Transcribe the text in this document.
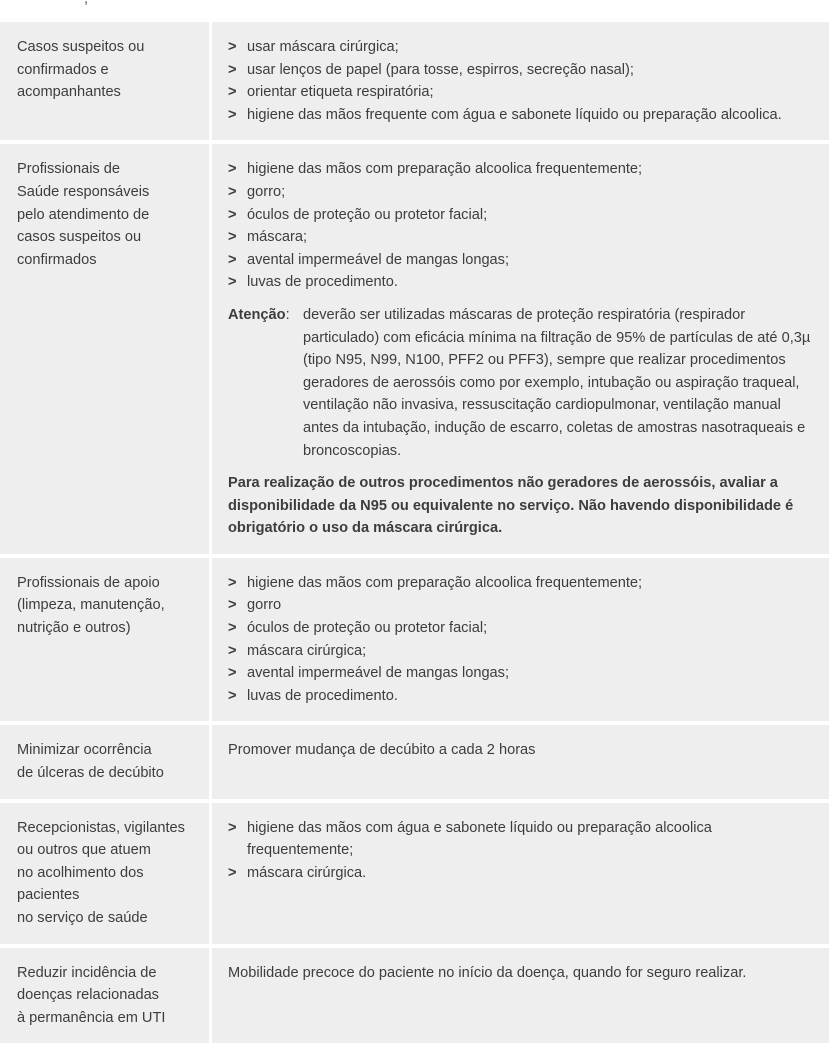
Casos suspeitos ou
confirmados e
acompanhantes
> usar máscara cirúrgica;
> usar lenços de papel (para tosse, espirros, secreção nasal);
> orientar etiqueta respiratória;
> higiene das mãos frequente com água e sabonete líquido ou preparação alcoolica.
Profissionais de
Saúde responsáveis
pelo atendimento de
casos suspeitos ou
confirmados
> higiene das mãos com preparação alcoolica frequentemente;
> gorro;
> óculos de proteção ou protetor facial;
> máscara;
> avental impermeável de mangas longas;
> luvas de procedimento.
Atenção: deverão ser utilizadas máscaras de proteção respiratória (respirador particulado) com eficácia mínima na filtração de 95% de partículas de até 0,3µ (tipo N95, N99, N100, PFF2 ou PFF3), sempre que realizar procedimentos geradores de aerossóis como por exemplo, intubação ou aspiração traqueal, ventilação não invasiva, ressuscitação cardiopulmonar, ventilação manual antes da intubação, indução de escarro, coletas de amostras nasotraqueais e broncoscopias.
Para realização de outros procedimentos não geradores de aerossóis, avaliar a disponibilidade da N95 ou equivalente no serviço. Não havendo disponibilidade é obrigatório o uso da máscara cirúrgica.
Profissionais de apoio
(limpeza, manutenção,
nutrição e outros)
> higiene das mãos com preparação alcoolica frequentemente;
> gorro
> óculos de proteção ou protetor facial;
> máscara cirúrgica;
> avental impermeável de mangas longas;
> luvas de procedimento.
Minimizar ocorrência
de úlceras de decúbito

Promover mudança de decúbito a cada 2 horas

Recepcionistas, vigilantes
ou outros que atuem
no acolhimento dos
pacientes
no serviço de saúde
> higiene das mãos com água e sabonete líquido ou preparação alcoolica frequentemente;
> máscara cirúrgica.
Reduzir incidência de
doenças relacionadas
à permanência em UTI

Mobilidade precoce do paciente no início da doença, quando for seguro realizar.
